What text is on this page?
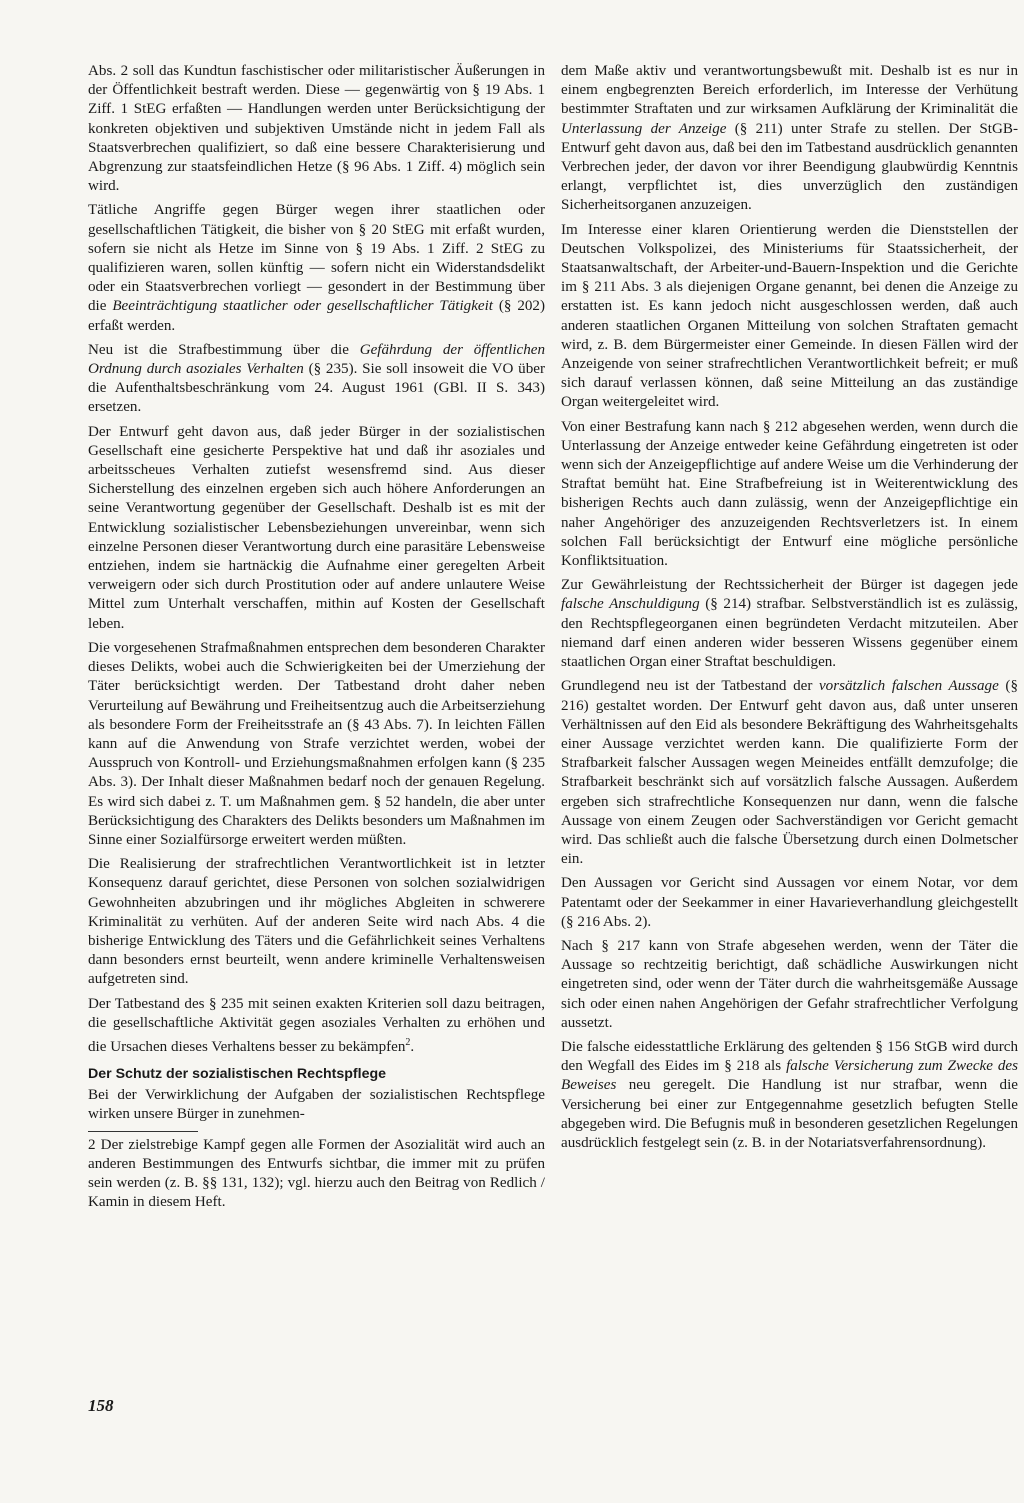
Abs. 2 soll das Kundtun faschistischer oder militaristischer Äußerungen in der Öffentlichkeit bestraft werden. Diese — gegenwärtig von § 19 Abs. 1 Ziff. 1 StEG erfaßten — Handlungen werden unter Berücksichtigung der konkreten objektiven und subjektiven Umstände nicht in jedem Fall als Staatsverbrechen qualifiziert, so daß eine bessere Charakterisierung und Abgrenzung zur staatsfeindlichen Hetze (§ 96 Abs. 1 Ziff. 4) möglich sein wird.

Tätliche Angriffe gegen Bürger wegen ihrer staatlichen oder gesellschaftlichen Tätigkeit, die bisher von § 20 StEG mit erfaßt wurden, sofern sie nicht als Hetze im Sinne von § 19 Abs. 1 Ziff. 2 StEG zu qualifizieren waren, sollen künftig — sofern nicht ein Widerstandsdelikt oder ein Staatsverbrechen vorliegt — gesondert in der Bestimmung über die Beeinträchtigung staatlicher oder gesellschaftlicher Tätigkeit (§ 202) erfaßt werden.

Neu ist die Strafbestimmung über die Gefährdung der öffentlichen Ordnung durch asoziales Verhalten (§ 235). Sie soll insoweit die VO über die Aufenthaltsbeschränkung vom 24. August 1961 (GBl. II S. 343) ersetzen.

Der Entwurf geht davon aus, daß jeder Bürger in der sozialistischen Gesellschaft eine gesicherte Perspektive hat und daß ihr asoziales und arbeitsscheues Verhalten zutiefst wesensfremd sind. Aus dieser Sicherstellung des einzelnen ergeben sich auch höhere Anforderungen an seine Verantwortung gegenüber der Gesellschaft. Deshalb ist es mit der Entwicklung sozialistischer Lebensbeziehungen unvereinbar, wenn sich einzelne Personen dieser Verantwortung durch eine parasitäre Lebensweise entziehen, indem sie hartnäckig die Aufnahme einer geregelten Arbeit verweigern oder sich durch Prostitution oder auf andere unlautere Weise Mittel zum Unterhalt verschaffen, mithin auf Kosten der Gesellschaft leben.

Die vorgesehenen Strafmaßnahmen entsprechen dem besonderen Charakter dieses Delikts, wobei auch die Schwierigkeiten bei der Umerziehung der Täter berücksichtigt werden. Der Tatbestand droht daher neben Verurteilung auf Bewährung und Freiheitsentzug auch die Arbeitserziehung als besondere Form der Freiheitsstrafe an (§ 43 Abs. 7). In leichten Fällen kann auf die Anwendung von Strafe verzichtet werden, wobei der Ausspruch von Kontroll- und Erziehungsmaßnahmen erfolgen kann (§ 235 Abs. 3). Der Inhalt dieser Maßnahmen bedarf noch der genauen Regelung. Es wird sich dabei z. T. um Maßnahmen gem. § 52 handeln, die aber unter Berücksichtigung des Charakters des Delikts besonders um Maßnahmen im Sinne einer Sozialfürsorge erweitert werden müßten.

Die Realisierung der strafrechtlichen Verantwortlichkeit ist in letzter Konsequenz darauf gerichtet, diese Personen von solchen sozialwidrigen Gewohnheiten abzubringen und ihr mögliches Abgleiten in schwerere Kriminalität zu verhüten. Auf der anderen Seite wird nach Abs. 4 die bisherige Entwicklung des Täters und die Gefährlichkeit seines Verhaltens dann besonders ernst beurteilt, wenn andere kriminelle Verhaltensweisen aufgetreten sind.

Der Tatbestand des § 235 mit seinen exakten Kriterien soll dazu beitragen, die gesellschaftliche Aktivität gegen asoziales Verhalten zu erhöhen und die Ursachen dieses Verhaltens besser zu bekämpfen$^2$.

Der Schutz der sozialistischen Rechtspflege

Bei der Verwirklichung der Aufgaben der sozialistischen Rechtspflege wirken unsere Bürger in zunehmen-

2 Der zielstrebige Kampf gegen alle Formen der Asozialität wird auch an anderen Bestimmungen des Entwurfs sichtbar, die immer mit zu prüfen sein werden (z. B. §§ 131, 132); vgl. hierzu auch den Beitrag von Redlich / Kamin in diesem Heft.

dem Maße aktiv und verantwortungsbewußt mit. Deshalb ist es nur in einem engbegrenzten Bereich erforderlich, im Interesse der Verhütung bestimmter Straftaten und zur wirksamen Aufklärung der Kriminalität die Unterlassung der Anzeige (§ 211) unter Strafe zu stellen. Der StGB-Entwurf geht davon aus, daß bei den im Tatbestand ausdrücklich genannten Verbrechen jeder, der davon vor ihrer Beendigung glaubwürdig Kenntnis erlangt, verpflichtet ist, dies unverzüglich den zuständigen Sicherheitsorganen anzuzeigen.

Im Interesse einer klaren Orientierung werden die Dienststellen der Deutschen Volkspolizei, des Ministeriums für Staatssicherheit, der Staatsanwaltschaft, der Arbeiter-und-Bauern-Inspektion und die Gerichte im § 211 Abs. 3 als diejenigen Organe genannt, bei denen die Anzeige zu erstatten ist. Es kann jedoch nicht ausgeschlossen werden, daß auch anderen staatlichen Organen Mitteilung von solchen Straftaten gemacht wird, z. B. dem Bürgermeister einer Gemeinde. In diesen Fällen wird der Anzeigende von seiner strafrechtlichen Verantwortlichkeit befreit; er muß sich darauf verlassen können, daß seine Mitteilung an das zuständige Organ weitergeleitet wird.

Von einer Bestrafung kann nach § 212 abgesehen werden, wenn durch die Unterlassung der Anzeige entweder keine Gefährdung eingetreten ist oder wenn sich der Anzeigepflichtige auf andere Weise um die Verhinderung der Straftat bemüht hat. Eine Strafbefreiung ist in Weiterentwicklung des bisherigen Rechts auch dann zulässig, wenn der Anzeigepflichtige ein naher Angehöriger des anzuzeigenden Rechtsverletzers ist. In einem solchen Fall berücksichtigt der Entwurf eine mögliche persönliche Konfliktsituation.

Zur Gewährleistung der Rechtssicherheit der Bürger ist dagegen jede falsche Anschuldigung (§ 214) strafbar. Selbstverständlich ist es zulässig, den Rechtspflegeorganen einen begründeten Verdacht mitzuteilen. Aber niemand darf einen anderen wider besseren Wissens gegenüber einem staatlichen Organ einer Straftat beschuldigen.

Grundlegend neu ist der Tatbestand der vorsätzlich falschen Aussage (§ 216) gestaltet worden. Der Entwurf geht davon aus, daß unter unseren Verhältnissen auf den Eid als besondere Bekräftigung des Wahrheitsgehalts einer Aussage verzichtet werden kann. Die qualifizierte Form der Strafbarkeit falscher Aussagen wegen Meineides entfällt demzufolge; die Strafbarkeit beschränkt sich auf vorsätzlich falsche Aussagen. Außerdem ergeben sich strafrechtliche Konsequenzen nur dann, wenn die falsche Aussage von einem Zeugen oder Sachverständigen vor Gericht gemacht wird. Das schließt auch die falsche Übersetzung durch einen Dolmetscher ein.

Den Aussagen vor Gericht sind Aussagen vor einem Notar, vor dem Patentamt oder der Seekammer in einer Havarieverhandlung gleichgestellt (§ 216 Abs. 2).

Nach § 217 kann von Strafe abgesehen werden, wenn der Täter die Aussage so rechtzeitig berichtigt, daß schädliche Auswirkungen nicht eingetreten sind, oder wenn der Täter durch die wahrheitsgemäße Aussage sich oder einen nahen Angehörigen der Gefahr strafrechtlicher Verfolgung aussetzt.

Die falsche eidesstattliche Erklärung des geltenden § 156 StGB wird durch den Wegfall des Eides im § 218 als falsche Versicherung zum Zwecke des Beweises neu geregelt. Die Handlung ist nur strafbar, wenn die Versicherung bei einer zur Entgegennahme gesetzlich befugten Stelle abgegeben wird. Die Befugnis muß in besonderen gesetzlichen Regelungen ausdrücklich festgelegt sein (z. B. in der Notariatsverfahrensordnung).

158
